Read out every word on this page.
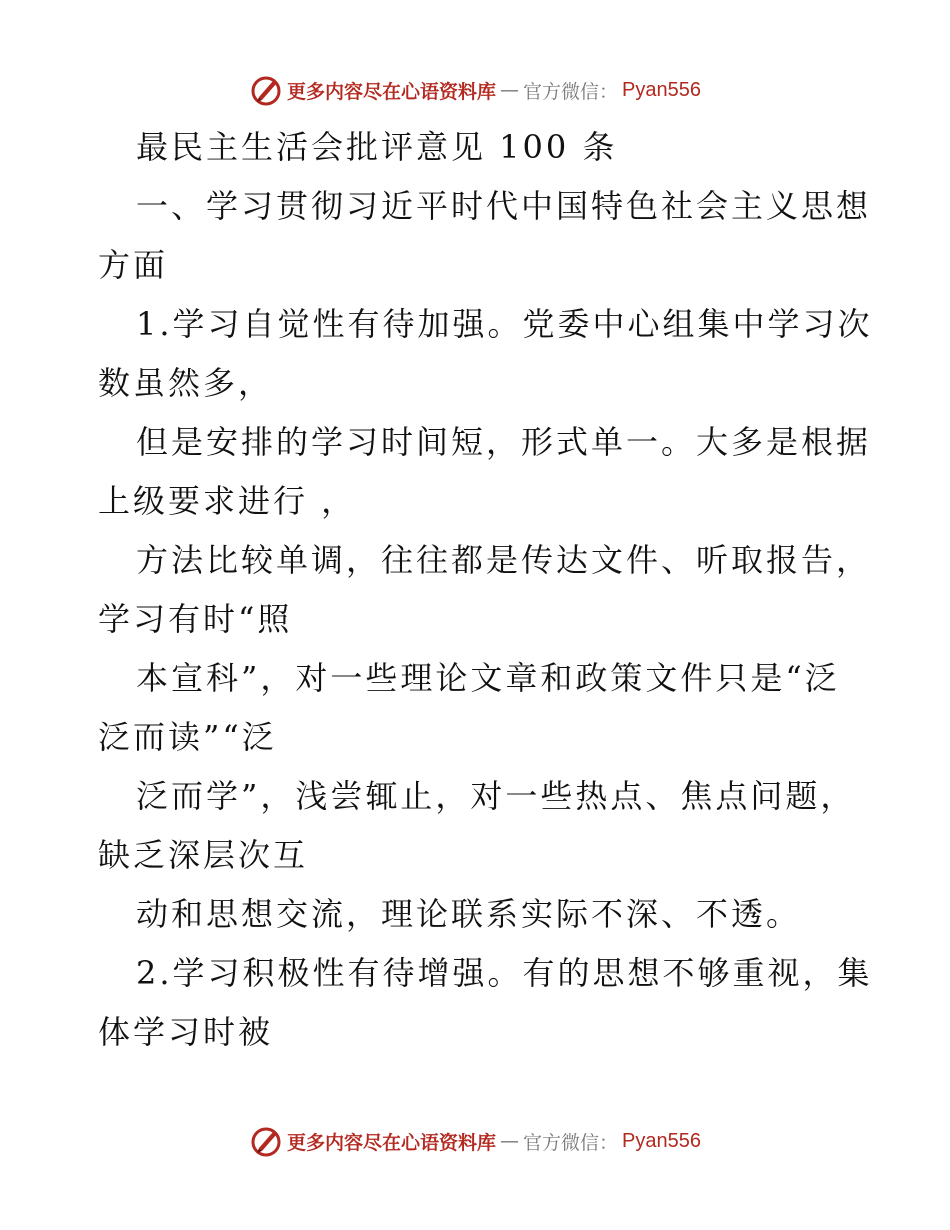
更多内容尽在心语资料库 — 官方微信： Pyan556

最民主生活会批评意见 100 条

一、学习贯彻习近平时代中国特色社会主义思想
方面

1.学习自觉性有待加强。党委中心组集中学习次
数虽然多，

但是安排的学习时间短，形式单一。大多是根据
上级要求进行 ，

方法比较单调，往往都是传达文件、听取报告，
学习有时“照

本宣科”，对一些理论文章和政策文件只是“泛
泛而读”“泛

泛而学”，浅尝辄止，对一些热点、焦点问题，
缺乏深层次互

动和思想交流，理论联系实际不深、不透。

2.学习积极性有待增强。有的思想不够重视，集
体学习时被

更多内容尽在心语资料库 — 官方微信： Pyan556
